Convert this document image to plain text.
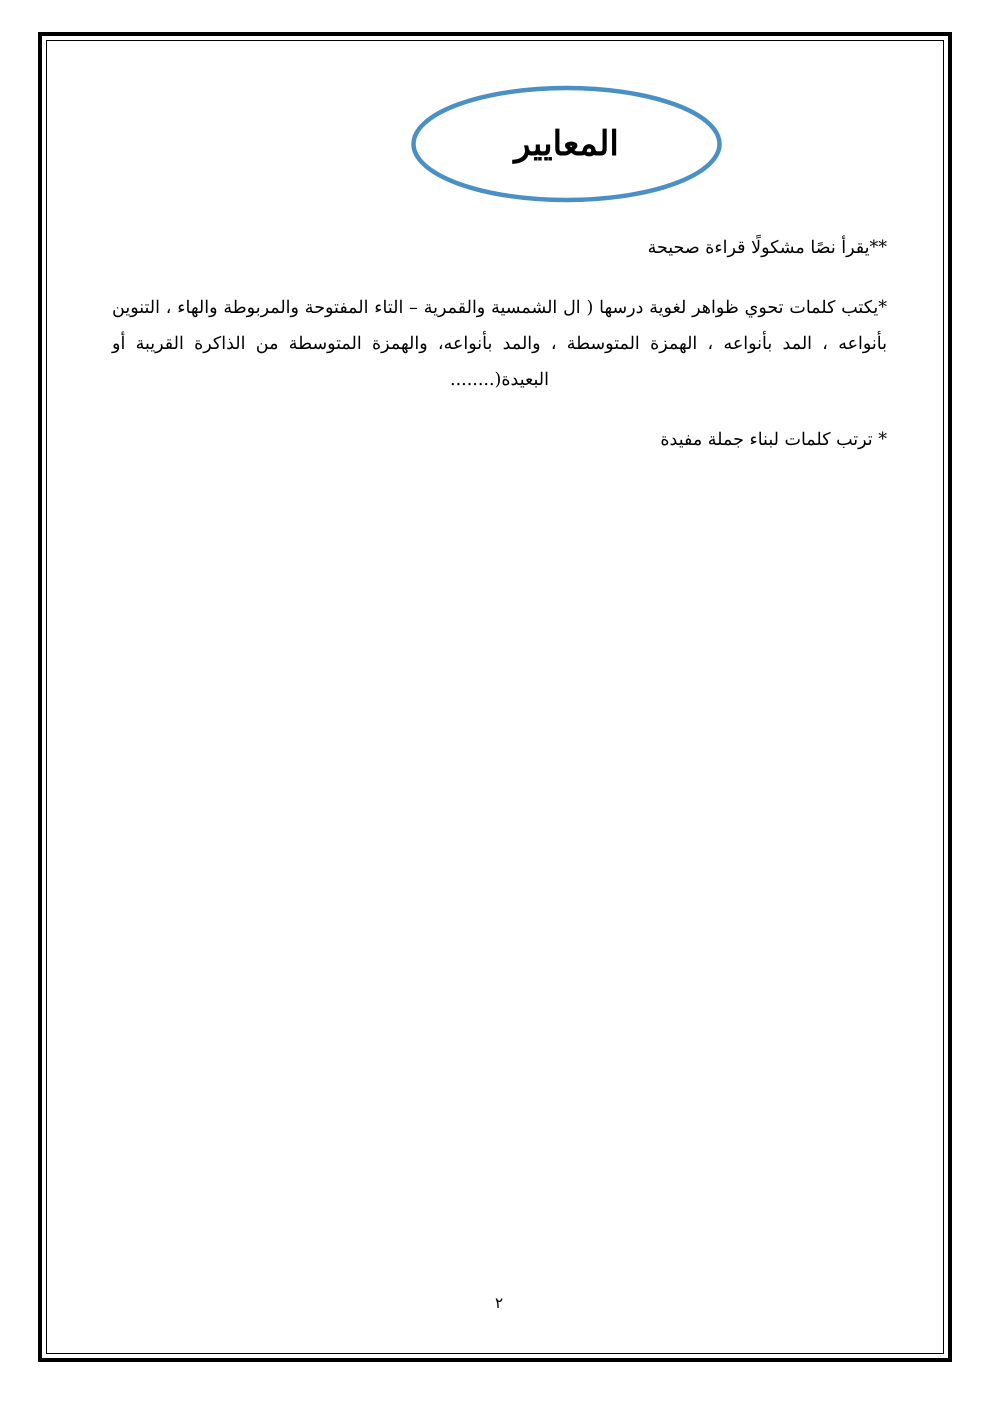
المعايير

**يقرأ نصًا مشكولًا قراءة صحيحة

*يكتب كلمات تحوي ظواهر لغوية درسها ( ال الشمسية والقمرية – التاء المفتوحة والمربوطة والهاء ، التنوين بأنواعه ، المد بأنواعه ، الهمزة المتوسطة ، والمد بأنواعه، والهمزة المتوسطة من الذاكرة القريبة أو البعيدة(........

* ترتب كلمات لبناء جملة مفيدة

٢
